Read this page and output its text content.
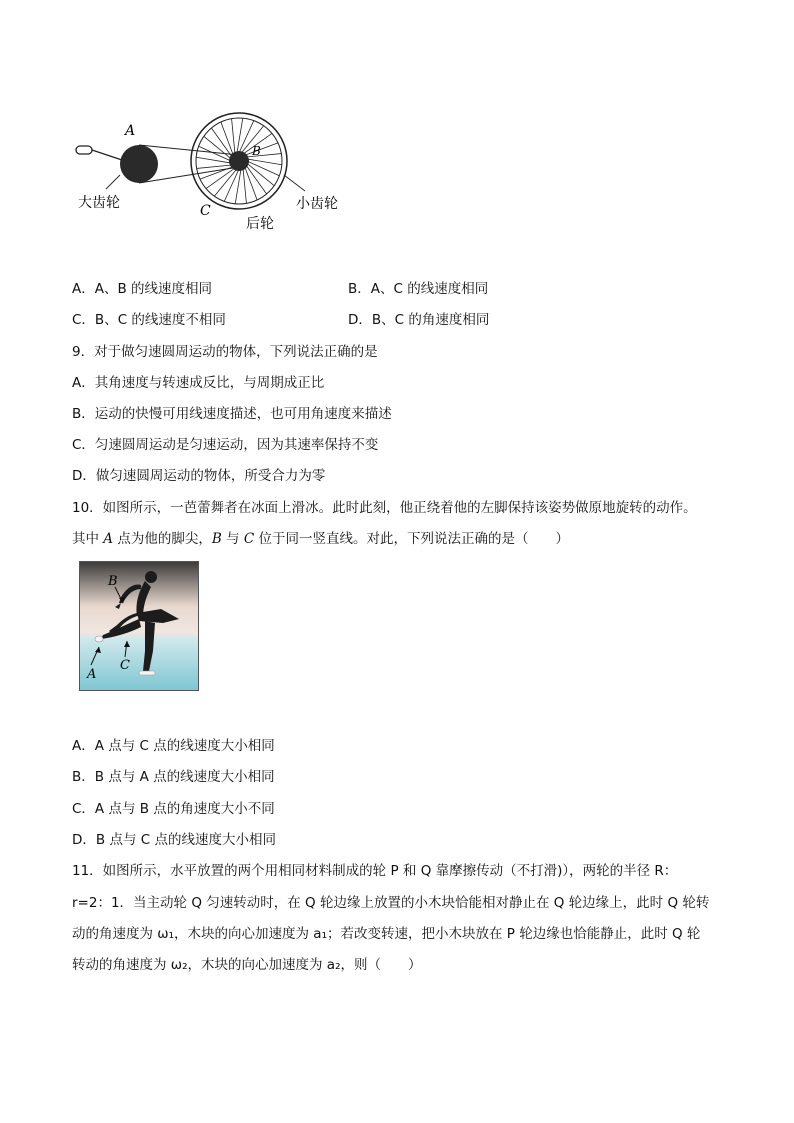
A
B
C
大齿轮	小齿轮
后轮
A．A、B 的线速度相同	B．A、C 的线速度相同
C．B、C 的线速度不相同	D．B、C 的角速度相同
9．对于做匀速圆周运动的物体，下列说法正确的是
A．其角速度与转速成反比，与周期成正比
B．运动的快慢可用线速度描述，也可用角速度来描述
C．匀速圆周运动是匀速运动，因为其速率保持不变
D．做匀速圆周运动的物体，所受合力为零
10．如图所示，一芭蕾舞者在冰面上滑冰。此时此刻，他正绕着他的左脚保持该姿势做原地旋转的动作。
其中 A 点为他的脚尖，B 与 C 位于同一竖直线。对此，下列说法正确的是（　　）
B
C
A
A．A 点与 C 点的线速度大小相同
B．B 点与 A 点的线速度大小相同
C．A 点与 B 点的角速度大小不同
D．B 点与 C 点的线速度大小相同
11．如图所示，水平放置的两个用相同材料制成的轮 P 和 Q 靠摩擦传动（不打滑)），两轮的半径 R：
r=2：1．当主动轮 Q 匀速转动时，在 Q 轮边缘上放置的小木块恰能相对静止在 Q 轮边缘上，此时 Q 轮转
动的角速度为 ω₁，木块的向心加速度为 a₁；若改变转速，把小木块放在 P 轮边缘也恰能静止，此时 Q 轮
转动的角速度为 ω₂，木块的向心加速度为 a₂，则（　　）
